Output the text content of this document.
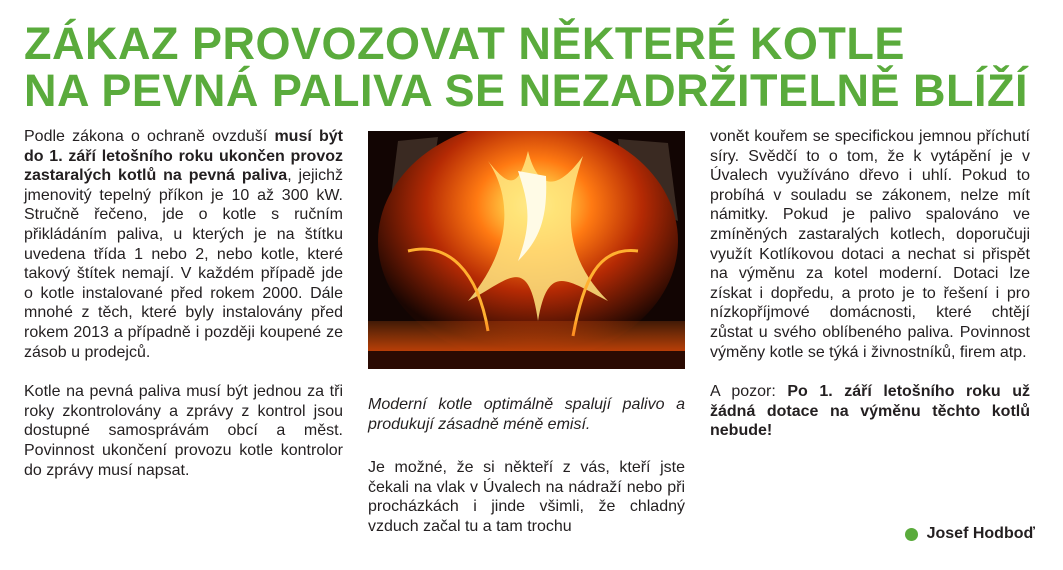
ZÁKAZ PROVOZOVAT NĚKTERÉ KOTLE
NA PEVNÁ PALIVA SE NEZADRŽITELNĚ BLÍŽÍ

Podle zákona o ochraně ovzduší musí být do 1. září letošního roku ukončen provoz zastaralých kotlů na pevná paliva, jejichž jmenovitý tepelný příkon je 10 až 300 kW. Stručně řečeno, jde o kotle s ručním přikládáním paliva, u kterých je na štítku uvedena třída 1 nebo 2, nebo kotle, které takový štítek nemají. V každém případě jde o kotle instalované před rokem 2000. Dále mnohé z těch, které byly instalovány před rokem 2013 a případně i později koupené ze zásob u prodejců.

Kotle na pevná paliva musí být jednou za tři roky zkontrolovány a zprávy z kontrol jsou dostupné samosprávám obcí a měst. Povinnost ukončení provozu kotle kontrolor do zprávy musí napsat.

Moderní kotle optimálně spalují palivo a produkují zásadně méně emisí.

Je možné, že si někteří z vás, kteří jste čekali na vlak v Úvalech na nádraží nebo při procházkách i jinde všimli, že chladný vzduch začal tu a tam trochu

vonět kouřem se specifickou jemnou příchutí síry. Svědčí to o tom, že k vytápění je v Úvalech využíváno dřevo i uhlí. Pokud to probíhá v souladu se zákonem, nelze mít námitky. Pokud je palivo spalováno ve zmíněných zastaralých kotlech, doporučuji využít Kotlíkovou dotaci a nechat si přispět na výměnu za kotel moderní. Dotaci lze získat i dopředu, a proto je to řešení i pro nízkopříjmové domácnosti, které chtějí zůstat u svého oblíbeného paliva. Povinnost výměny kotle se týká i živnostníků, firem atp.

A pozor: Po 1. září letošního roku už žádná dotace na výměnu těchto kotlů nebude!

Josef Hodboď
